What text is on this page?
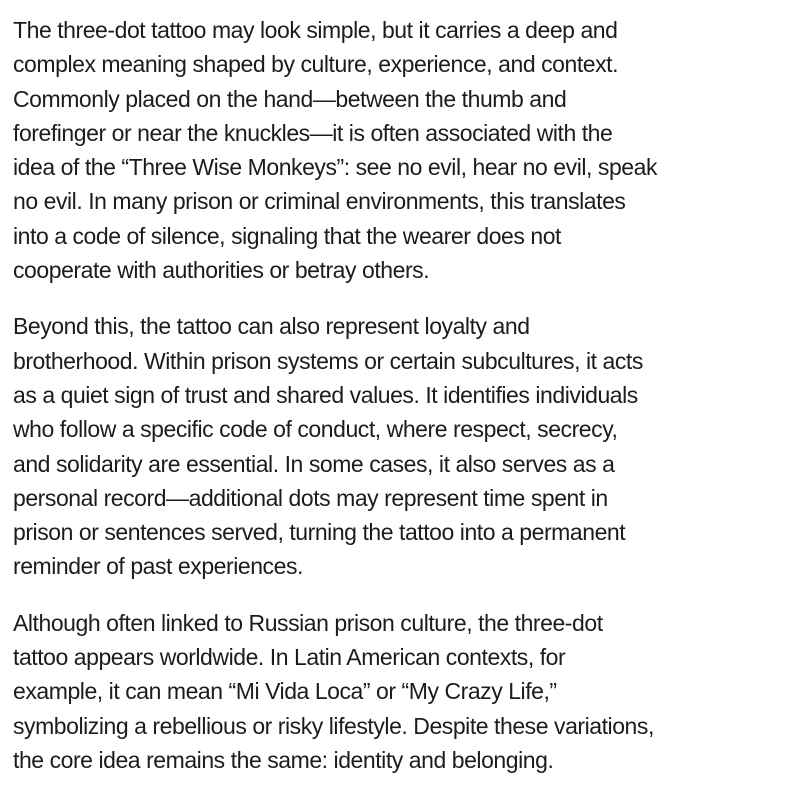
The three-dot tattoo may look simple, but it carries a deep and
complex meaning shaped by culture, experience, and context.
Commonly placed on the hand—between the thumb and
forefinger or near the knuckles—it is often associated with the
idea of the “Three Wise Monkeys”: see no evil, hear no evil, speak
no evil. In many prison or criminal environments, this translates
into a code of silence, signaling that the wearer does not
cooperate with authorities or betray others.

Beyond this, the tattoo can also represent loyalty and
brotherhood. Within prison systems or certain subcultures, it acts
as a quiet sign of trust and shared values. It identifies individuals
who follow a specific code of conduct, where respect, secrecy,
and solidarity are essential. In some cases, it also serves as a
personal record—additional dots may represent time spent in
prison or sentences served, turning the tattoo into a permanent
reminder of past experiences.

Although often linked to Russian prison culture, the three-dot
tattoo appears worldwide. In Latin American contexts, for
example, it can mean “Mi Vida Loca” or “My Crazy Life,”
symbolizing a rebellious or risky lifestyle. Despite these variations,
the core idea remains the same: identity and belonging.
